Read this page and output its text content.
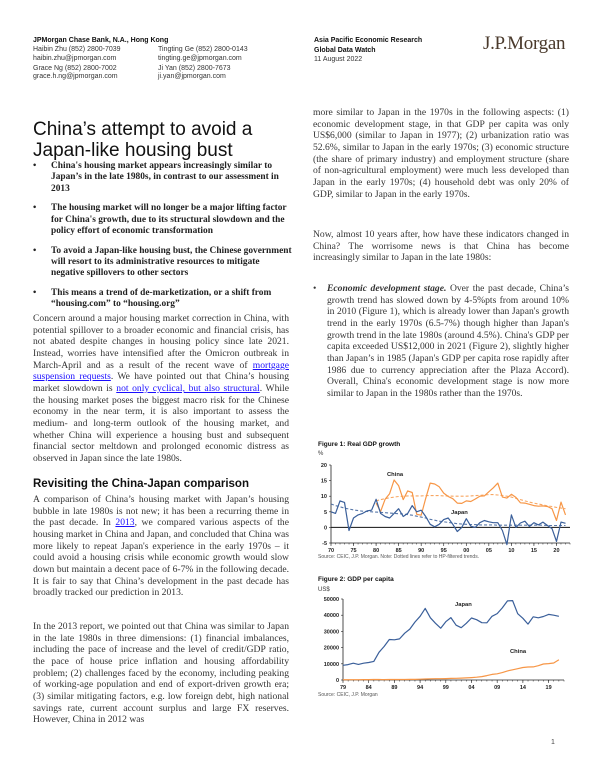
JPMorgan Chase Bank, N.A., Hong Kong
Haibin Zhu (852) 2800-7039
haibin.zhu@jpmorgan.com
Grace Ng (852) 2800-7002
grace.h.ng@jpmorgan.com
Tingting Ge (852) 2800-0143
tingting.ge@jpmorgan.com
Ji Yan (852) 2800-7673
ji.yan@jpmorgan.com
Asia Pacific Economic Research
Global Data Watch
11 August 2022
J.P.Morgan
China’s attempt to avoid a Japan-like housing bust
• China's housing market appears increasingly similar to Japan’s in the late 1980s, in contrast to our assessment in 2013
• The housing market will no longer be a major lifting factor for China's growth, due to its structural slowdown and the policy effort of economic transformation
• To avoid a Japan-like housing bust, the Chinese government will resort to its administrative resources to mitigate negative spillovers to other sectors
• This means a trend of de-marketization, or a shift from “housing.com” to “housing.org”
Concern around a major housing market correction in China, with potential spillover to a broader economic and financial crisis, has not abated despite changes in housing policy since late 2021. Instead, worries have intensified after the Omicron outbreak in March-April and as a result of the recent wave of mortgage suspension requests. We have pointed out that China’s housing market slowdown is not only cyclical, but also structural. While the housing market poses the biggest macro risk for the Chinese economy in the near term, it is also important to assess the medium- and long-term outlook of the housing market, and whether China will experience a housing bust and subsequent financial sector meltdown and prolonged economic distress as observed in Japan since the late 1980s.
Revisiting the China-Japan comparison
A comparison of China’s housing market with Japan’s housing bubble in late 1980s is not new; it has been a recurring theme in the past decade. In 2013, we compared various aspects of the housing market in China and Japan, and concluded that China was more likely to repeat Japan's experience in the early 1970s – it could avoid a housing crisis while economic growth would slow down but maintain a decent pace of 6-7% in the following decade. It is fair to say that China’s development in the past decade has broadly tracked our prediction in 2013.
In the 2013 report, we pointed out that China was similar to Japan in the late 1980s in three dimensions: (1) financial imbalances, including the pace of increase and the level of credit/GDP ratio, the pace of house price inflation and housing affordability problem; (2) challenges faced by the economy, including peaking of working-age population and end of export-driven growth era; (3) similar mitigating factors, e.g. low foreign debt, high national savings rate, current account surplus and large FX reserves. However, China in 2012 was
more similar to Japan in the 1970s in the following aspects: (1) economic development stage, in that GDP per capita was only US$6,000 (similar to Japan in 1977); (2) urbanization ratio was 52.6%, similar to Japan in the early 1970s; (3) economic structure (the share of primary industry) and employment structure (share of non-agricultural employment) were much less developed than Japan in the early 1970s; (4) household debt was only 20% of GDP, similar to Japan in the early 1970s.
Now, almost 10 years after, how have these indicators changed in China? The worrisome news is that China has become increasingly similar to Japan in the late 1980s:
• Economic development stage. Over the past decade, China’s growth trend has slowed down by 4-5%pts from around 10% in 2010 (Figure 1), which is already lower than Japan's growth trend in the early 1970s (6.5-7%) though higher than Japan's growth trend in the late 1980s (around 4.5%). China's GDP per capita exceeded US$12,000 in 2021 (Figure 2), slightly higher than Japan’s in 1985 (Japan's GDP per capita rose rapidly after 1986 due to currency appreciation after the Plaza Accord). Overall, China's economic development stage is now more similar to Japan in the 1980s rather than the 1970s.
Figure 1: Real GDP growth
%
20
15
10
5
0
-5
70	75	80	85	90	95	00	05	10	15	20
China
Japan
Source: CEIC, J.P. Morgan. Note: Dotted lines refer to HP-filtered trends.
Figure 2: GDP per capita
US$
50000
40000
30000
20000
10000
0
79	84	89	94	99	04	09	14	19
Japan
China
Source: CEIC, J.P. Morgan
1
